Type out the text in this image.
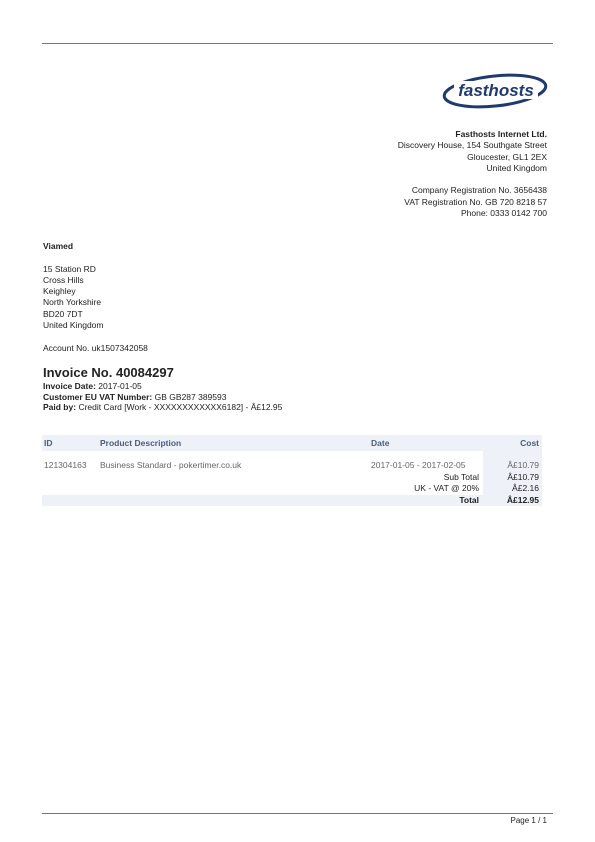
fasthosts
Fasthosts Internet Ltd.
Discovery House, 154 Southgate Street
Gloucester, GL1 2EX
United Kingdom
Company Registration No. 3656438
VAT Registration No. GB 720 8218 57
Phone: 0333 0142 700
Viamed
15 Station RD
Cross Hills
Keighley
North Yorkshire
BD20 7DT
United Kingdom
Account No. uk1507342058
Invoice No. 40084297
Invoice Date: 2017-01-05
Customer EU VAT Number: GB GB287 389593
Paid by: Credit Card [Work - XXXXXXXXXXXX6182] - Â£12.95
ID	Product Description	Date	Cost
121304163 Business Standard - pokertimer.co.uk	2017-01-05 - 2017-02-05	Â£10.79
Sub Total	Â£10.79
UK - VAT @ 20%	Â£2.16
Total	Â£12.95
Page 1 / 1
